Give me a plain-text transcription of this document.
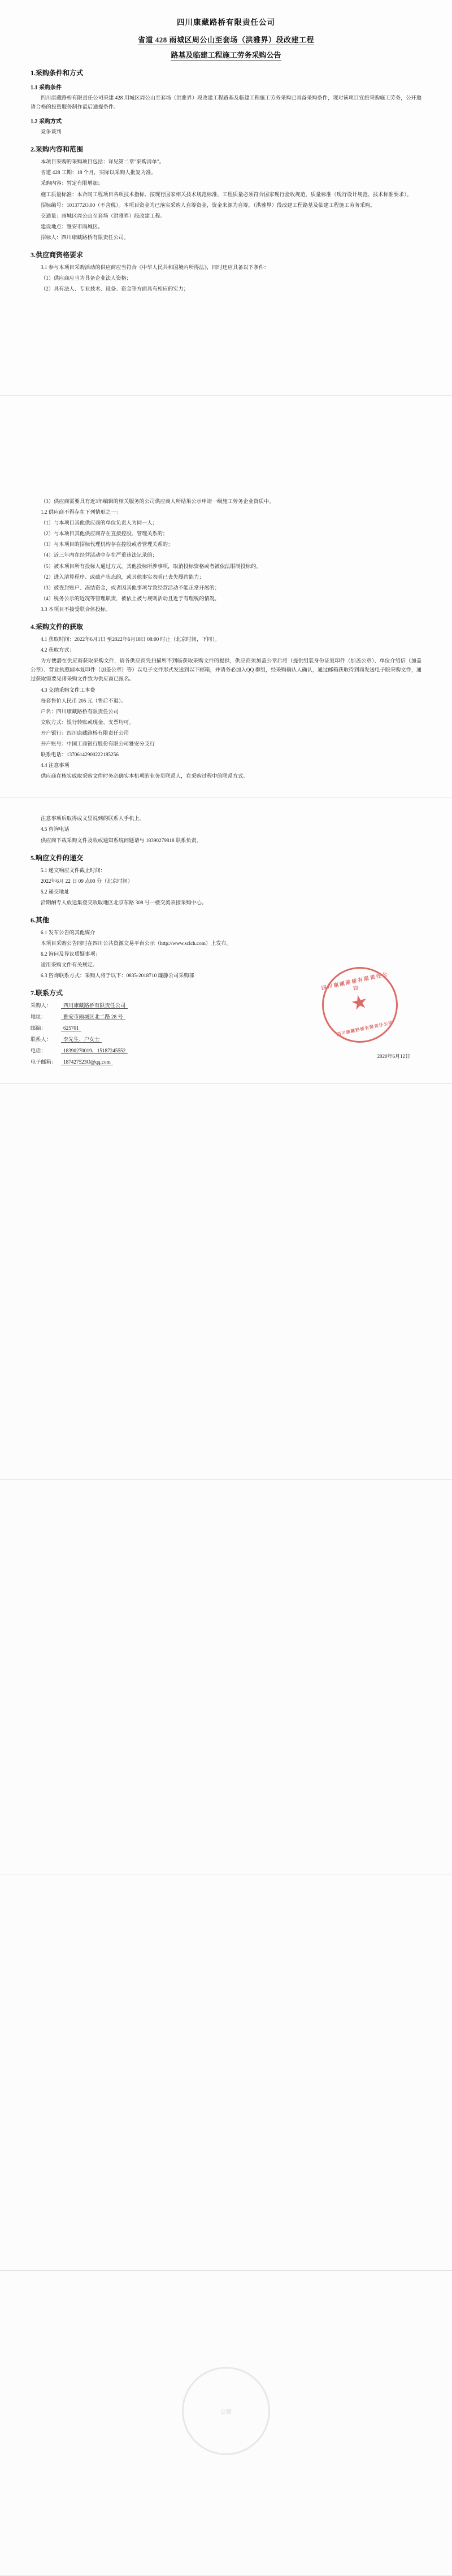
四川康藏路桥有限责任公司
省道 428 雨城区周公山至套场（洪雅界）段改建工程
路基及临建工程施工劳务采购公告
1.采购条件和方式
1.1 采购条件

四川康藏路桥有限责任公司采建 428 用城区周公山至套场（洪雅界）段改建工程路基及临建工程施工劳务采购已具备采购条件，现对该项目宣旅采购施工劳务，公开邀请合格的投资服务制作最后通提条件。

1.2 采购方式

竞争谈判

2.采购内容和范围

本项目采购的采购项目包括：详见第二章"采购清单"。

省道 428 工期：18 个月，实际以采购人批复为准。

采购内容：暂定有限增加；

施工质量标准：本合同工程项目各项技术指标、按现行国家相关技术规范标准，工程质量必须符合国家现行验收规范，质量标准（现行设计规范、技术标准要求）。

招标编号：1013772O.00（不含税）。本项目资金为已落实采购人自筹资金，资金来源为自筹，（洪雅界）段改建工程路基及临建工程施工劳务采购。

交通量：雨城区周公山至套场（洪雅界）段改建工程。

建设地点：雅安市雨城区。

招标人：四川康藏路桥有限责任公司。

3.供应商资格要求

3.1 参与本项目采购活动的供应商应当符合《中华人民共和国境内所得法》，同时还应具备以下条件：

（1）供应商应当为具备企业法人资格；

（2）具有法人、专业技术、设备、资金等方面具有相应的实力；

（3）供应商需要具有近3年编辑的相关服务的公司供应商人所结果公示申请一级施工劳务企业资质中。

1.2 供应商不得存在下列情形之一：

（1）与本项目其他供应商的单位负责人为同一人；

（2）与本项目其他供应商存在直接控股、管理关系的；

（3）与本项目的招标代理机构存在控股或者管理关系的；

（4）近三年内在经营活动中存在严重违法记录的；

（5）被本项目所有投标人通过方式，其他投标所涉事项，取消投标资格或者被依法限制投标的。

（2）进入清算程序、或破产状态的，或其他事实表明已丧失履约能力；

（3）被查封账户、冻结资金，或者因其他事项导致经营活动不能正常开展的；

（4）税务公示的近况等管理职责，被依上被与规则活动且近于有理税的情况。

3.3 本项目不接受联合体投标。

4.采购文件的获取

4.1 获取时间：2022年6月1日 至2022年6月18日 08:00 时止（北京时间，下同）。

4.2 获取方式：

为方便潜在供应商获取采购文件，请各供应商凭扫描所不到临获取采购文件的提供，供应商须加盖公章后将（提供组装身份证复印件（加盖公章）、单位介绍信（加盖公章）、营业执照副本复印件（加盖公章）等）以电子文件形式发送到以下邮箱，并请务必加入QQ 群组，经采购确认人确认，通过邮箱获取待到商发送电子版采购文件，通过获取需要见诸采购文件致为供应商已报名。

4.3 交纳采购文件工本费

每套售价人民币 205 元（售后不退）。

户名：四川康藏路桥有限责任公司

交收方式：银行转账或现金、支票均可。

开户银行：四川康藏路桥有限责任公司

开户账号：中国工商银行股份有限公司雅安分支行

联系电话：13706142900222185256

4.4 注意事项

供应商在核实成取采购文件时务必确实本机项的业务员联系人，在采购过程中的联系方式。

注意事项后取得成文里说到的联系人手机上。

4.5 咨询电话

供应商下载采购文件及收或通知系统问题请与 18390279818 联系负责。

5.响应文件的递交

5.1 递交响应文件截止时间：

2022年6月 22 日 09 点00 分（北京时间）

5.2 递交地址

沿期酬专人放送集登交收取地区北京东路 308 号一楼交流表接采购中心。

6.其他

6.1 发布公告的其他媒介

本项目采购公告同时在四川公共资源交易平台公示（http://www.sclch.com）上发布。

6.2 询问及异议质疑事项：

适用采购文件有关规定。

6.3 咨询联系方式：采购人将于以下：0835-2018710 廉静公司采购部

7.联系方式
采购人： 四川康藏路桥有限责任公司
地址：	雅安市雨城区北二路 28 号
邮编：	625701
联系人： 李先生、户女士
电话：	18390270019、15187245552
电子邮箱： 187427523O@qq.com
四川康藏路桥有限责任公司
★
四川康藏路桥有限责任公司
2020年6月12日
公章
